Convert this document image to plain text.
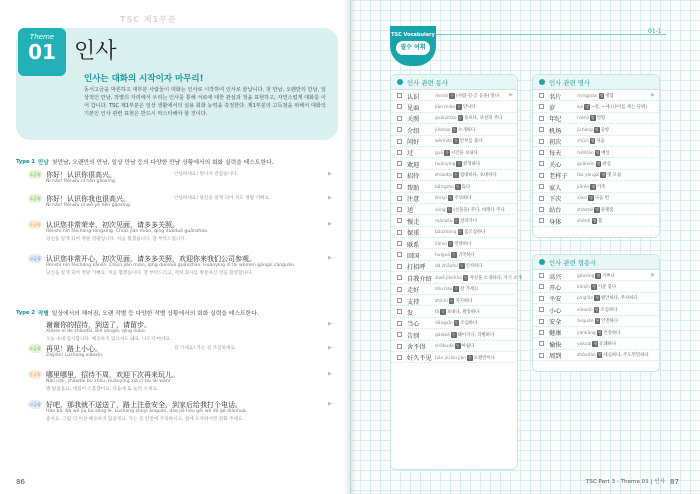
TSC 제1부분
Theme
01 인사
인사는 대화의 시작이자 마무리!
동서고금을 막론하고 대부분 사람들이 대화는 인사로 시작하여 인사로 끝납니다. 첫 만남, 오랜만의 만남, 일상적인 만남, 작별의 자리에서 우리는 인사를 통해 서로에 대한 관심과 정을 표현하고, 자연스럽게 대화를 이어 갑니다. TSC 제1부분은 일상 생활에서의 실용 회화 능력을 측정한다. 제1부분의 고득점을 위해서 대화의 기본인 인사 관련 표현은 반드시 마스터해야 할 것이다.
Type 1 만남 첫만남, 오랜만의 만남, 일상 만남 등의 다양한 만남 상황에서의 회화 실력을 테스트한다.
초급형 你好！认识你很高兴。
Nǐ hǎo! Rènshi nǐ hěn gāoxìng.
안녕하세요! 만나서 반갑습니다.	▶
초급형 你好！认识你我也很高兴。
Nǐ hǎo! Rènshi nǐ wǒ yě hěn gāoxìng.
안녕하세요! 당신을 알게 되어 저도 정말 기뻐요.	▶
중급형 认识您非常荣幸，初次见面，请多多关照。
Rènshi nín fēicháng róngxìng. Chūcì jiàn miàn, qǐng duōduō guānzhào.
당신을 알게 되어 정말 영광입니다. 처음 뵙겠습니다. 잘 부탁드립니다.
▶
고급형 认识您非常开心，初次见面，请多多关照，欢迎你来我们公司参观。
Rènshi nín fēicháng kāixīn. Chūcì jiàn miàn, qǐng duōduō guānzhào. Huānyíng nǐ lái wǒmen gōngsī cānguān.
당신을 알게 되어 정말 기뻐요. 처음 뵙겠습니다. 잘 부탁드리고, 저희 회사를 방문하신 것을 환영합니다.
▶
Type 2 작별 일상에서의 헤어짐, 오랜 작별 등 다양한 작별 상황에서의 회화 실력을 테스트한다.
谢谢你的招待，到送了，请留步。
Xièxie nǐ de zhāodài. Bié sòngle, qǐng liúbù.
오늘 초대 감사합니다. 배웅하지 않으셔도 돼요, 나오지 마세요.
▶
초급형 再见！路上小心。
Zàijiàn! Lùshang xiǎoxīn.
잘 가세요! 가는 길 조심하세요.	▶
중급형 哪里哪里，招待不周，欢迎下次再来玩儿。
Nǎli nǎli, zhāodài bù zhōu, huānyíng xià cì zài lái wánr.
별 말씀을요, 대접이 소홀했어요. 다음에 또 놀러 오세요.
▶
고급형 好吧，那我就不送送了，路上注意安全，到家后给我打个电话。
Hǎo ba. Nà wǒ jiù bú sòng le. Lùshang zhùyì ānquán, dào jiā hòu gěi wǒ dǎ gè diànhuà.
좋아요. 그럼 더 이상 배웅하지 않을게요. 가는 길 안전에 주의하시고, 집에 도착하시면 전화 주세요.
▶
86
TSC Vocabulary
필수 어휘
01-1
인사 관련 동사
认识	rènshi 동 (사람·길·글 등을) 알다 ▶
见面	jiàn miàn 동 만나다
关照	guānzhào 동 돌보다, 보살펴 주다
介绍	jièshào 동 소개하다
问好	wènhǎo 동 안부를 묻다
过	guò 동 시간을 보내다
欢迎	huānyíng 동 환영하다
招待	zhāodài 동 접대하다, 초대하다
帮助	bāngzhù 동 돕다
注意	zhùyì 동 주의하다
送	sòng 동 (선물을) 주다, 바래다 주다
慢走	mànzǒu 동 살펴가다
保重	bǎozhòng 동 몸조심하다
联系	liánxì 동 연락하다
回国	huíguó 동 귀국하다
打招呼 dǎ zhāohu 동 인사하다
自我介绍 zìwǒ jièshào 동 자신을 소개하다, 자기 소개
走好	zǒu hǎo 동 잘 가세요
支持	zhīchí 동 지지하다
发	fā 동 보내다, 발송하다
当心	dāngxīn 동 조심하다
告别	gàobié 동 헤어지다, 작별하다
舍不得 shěbude 동 아쉽다
好久不见 hǎo jiǔ bú jiàn 동 오랜만이다
인사 관련 명사
名片	míngpiàn 명 명함	▶
岁	suì 명 ~살, ~세 (나이를 세는 단위)
年纪	niánjì 명 연령
机场	jīchǎng 명 공항
初次	chūcì 명 처음
每天	měitiān 명 매일
关心	guānxīn 명 관심
老样子 lǎo yàngzi 명 옛 모습
家人	jiārén 명 가족
下次	xiàcì 명 다음 번
站台	zhàntái 명 플랫폼
身体	shēntǐ 명 몸
인사 관련 형용사
高兴	gāoxìng 형 기쁘다	▶
开心	kāixīn 형 기분 좋다
平安	píng'ān 형 평안하다, 무사하다
小心	xiǎoxīn 형 조심하다
安全	ānquán 형 안전하다
健康	jiànkāng 형 건강하다
愉快	yúkuài 형 유쾌하다
周到	zhōudào 형 세심하다, 주도면밀하다
TSC Part 3 - Theme 01 | 인사 87
